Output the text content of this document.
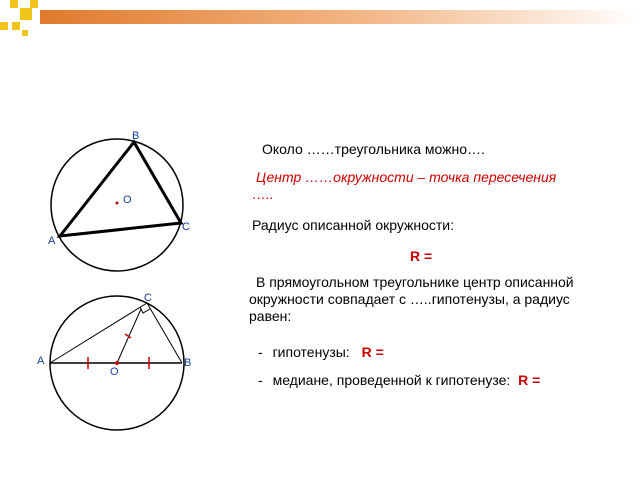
A
B
C
O
A	B
C
O
Около ……треугольника можно….
Центр ……окружности – точка пересечения
…..
Радиус описанной окружности:
R =
В прямоугольном треугольнике центр описанной
окружности совпадает с …..гипотенузы, а радиус
равен:
- гипотенузы: R =
- медиане, проведенной к гипотенузе: R =
